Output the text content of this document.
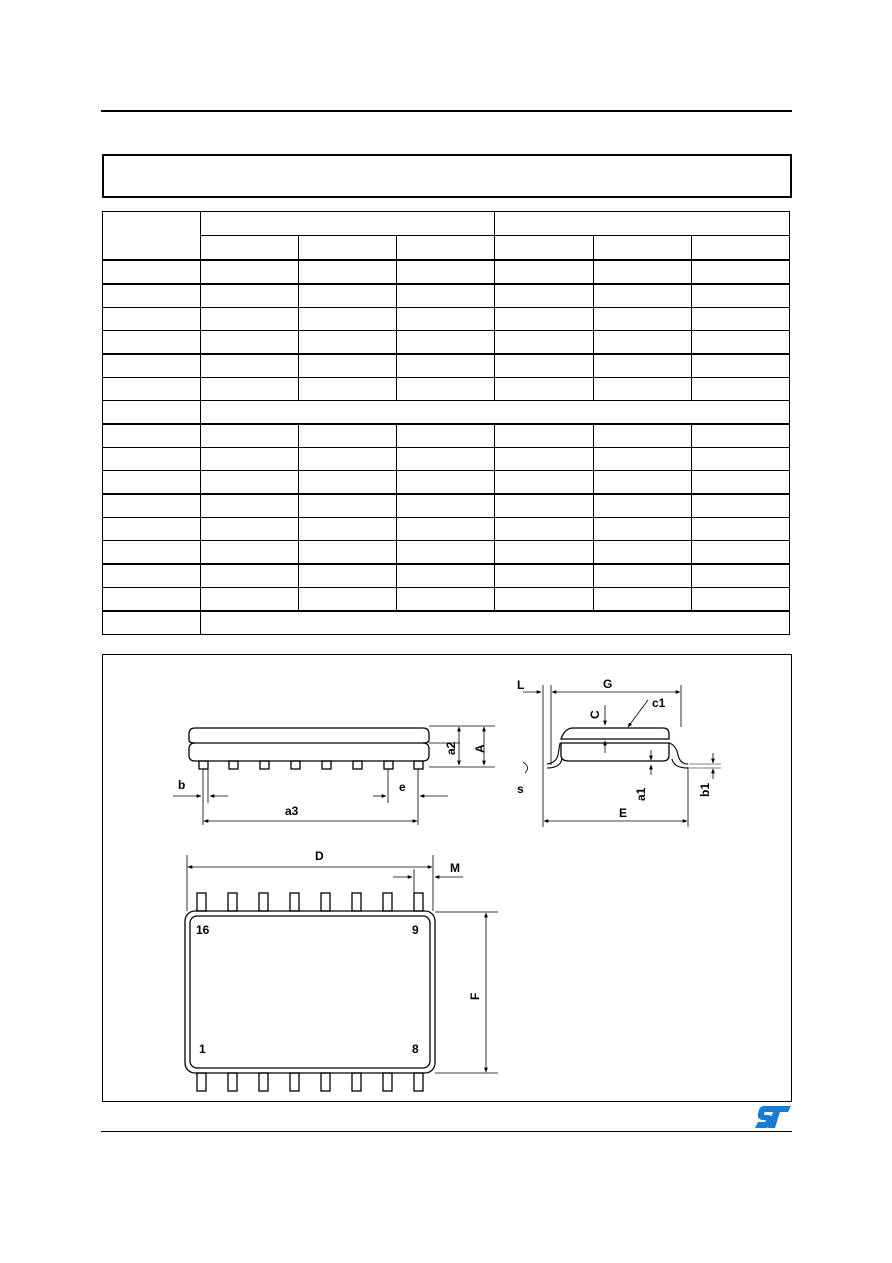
L	G
c1
C
a2 A
b	e
a3
s	a1	b1
E
D
M
F
16	9
1	8
